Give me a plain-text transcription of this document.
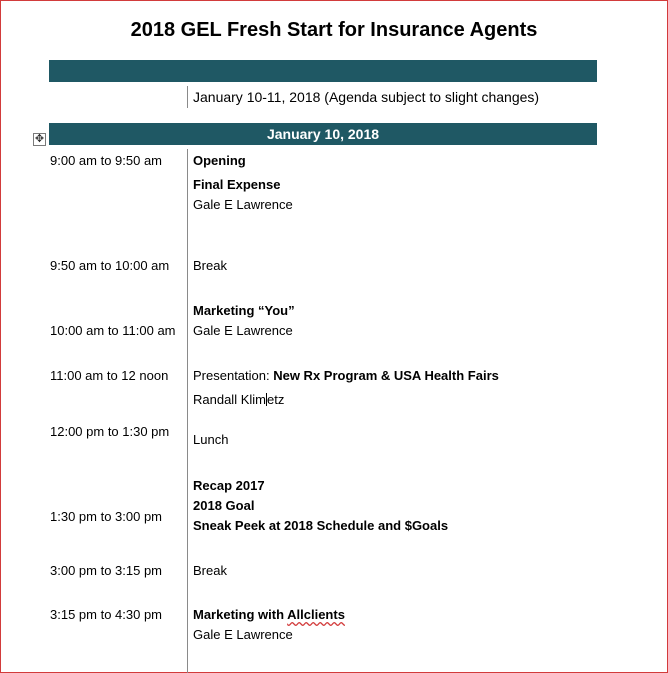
2018 GEL Fresh Start for Insurance Agents
January 10-11, 2018 (Agenda subject to slight changes)
✥	January 10, 2018
9:00 am to 9:50 am Opening
Final Expense
Gale E Lawrence
9:50 am to 10:00 am Break
Marketing “You”
10:00 am to 11:00 am Gale E Lawrence
11:00 am to 12 noon Presentation: New Rx Program & USA Health Fairs
Randall Klimetz
12:00 pm to 1:30 pm
Lunch
Recap 2017
2018 Goal
1:30 pm to 3:00 pm
Sneak Peek at 2018 Schedule and $Goals
3:00 pm to 3:15 pm Break
3:15 pm to 4:30 pm Marketing with Allclients
Gale E Lawrence
